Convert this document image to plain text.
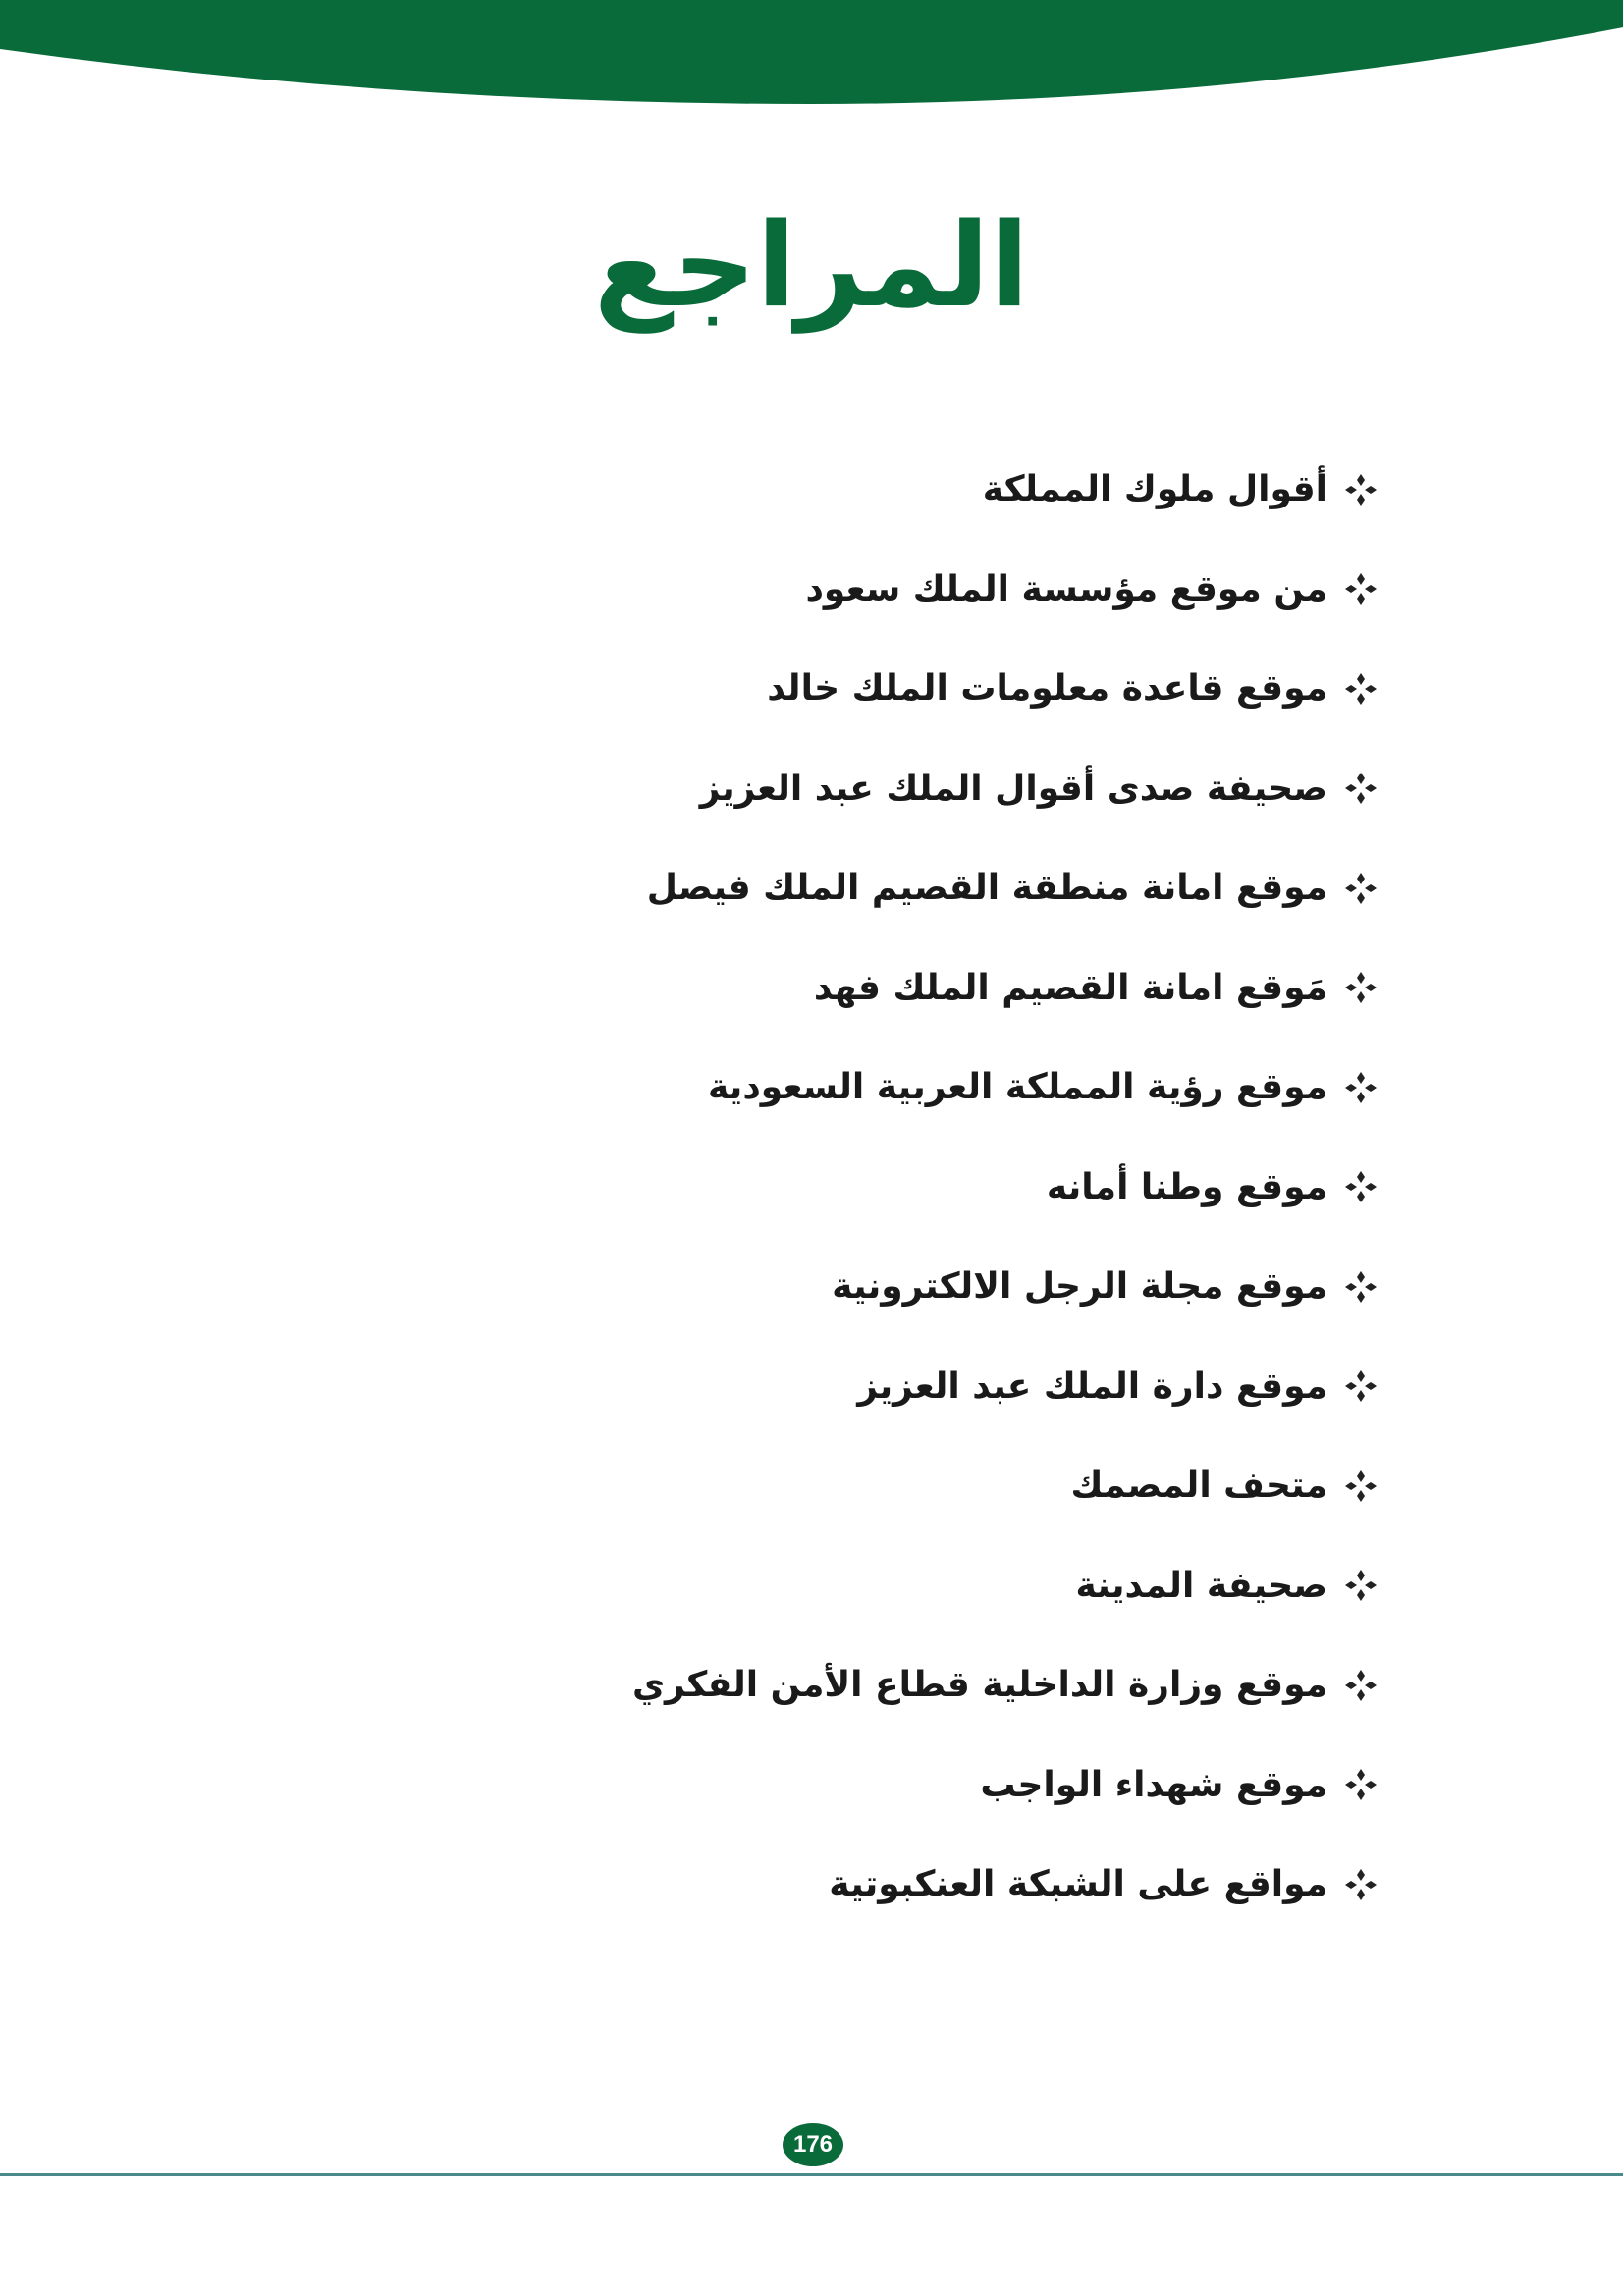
المراجع
أقوال ملوك المملكة
من موقع مؤسسة الملك سعود
موقع قاعدة معلومات الملك خالد
صحيفة صدى أقوال الملك عبد العزيز
موقع امانة منطقة القصيم الملك فيصل
مَوقع امانة القصيم الملك فهد
موقع رؤية المملكة العربية السعودية
موقع وطنا أمانه
موقع مجلة الرجل الالكترونية
موقع دارة الملك عبد العزيز
متحف المصمك
صحيفة المدينة
موقع وزارة الداخلية قطاع الأمن الفكري
موقع شهداء الواجب
مواقع على الشبكة العنكبوتية
176
